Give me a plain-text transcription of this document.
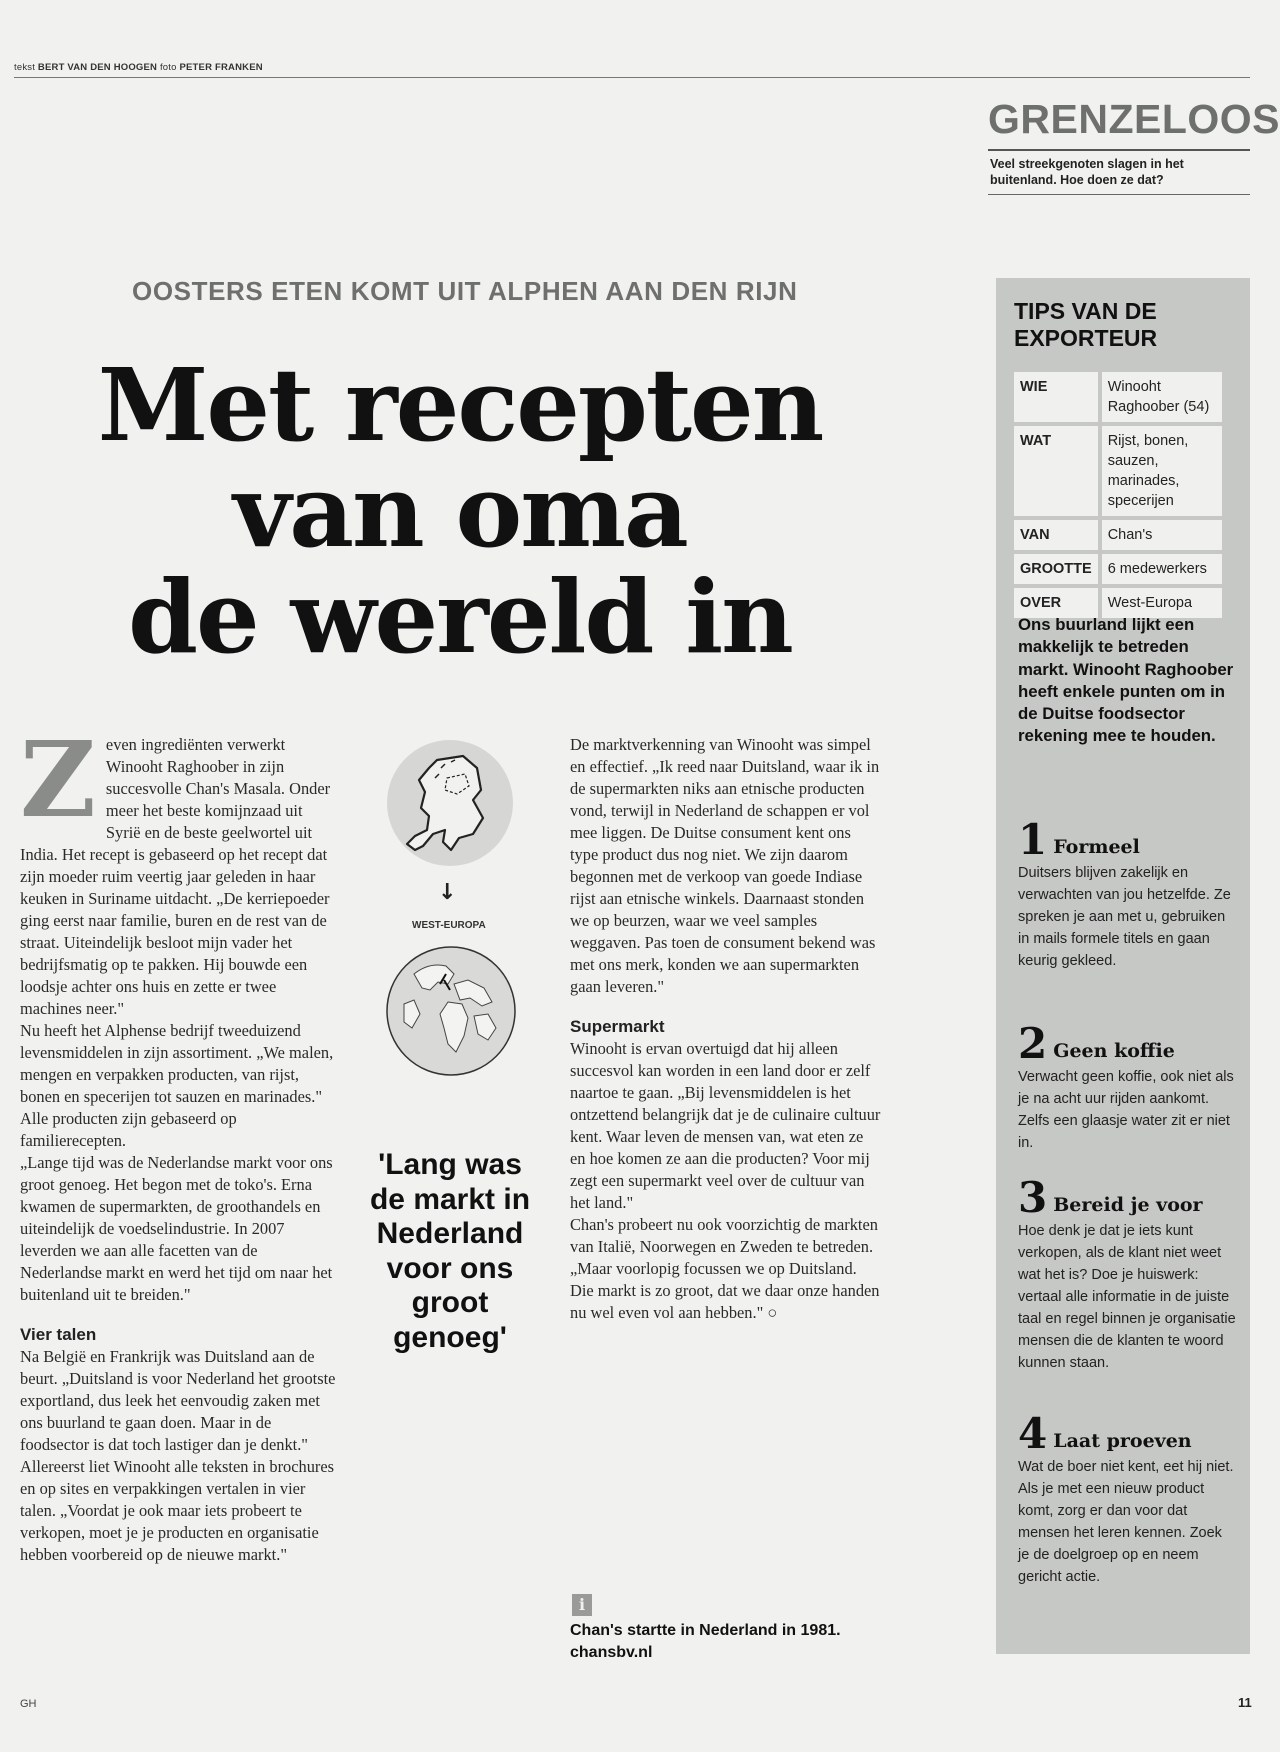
tekst BERT VAN DEN HOOGEN foto PETER FRANKEN
GRENZELOOS
Veel streekgenoten slagen in het buitenland. Hoe doen ze dat?
OOSTERS ETEN KOMT UIT ALPHEN AAN DEN RIJN
Met recepten
van oma
de wereld in
Z even ingrediënten verwerkt Winooht Raghoober in zijn succesvolle Chan's Masala. Onder meer het beste komijnzaad uit Syrië en de beste geelwortel uit India. Het recept is gebaseerd op het recept dat zijn moeder ruim veertig jaar geleden in haar keuken in Suriname uitdacht. „De kerriepoeder ging eerst naar familie, buren en de rest van de straat. Uiteindelijk besloot mijn vader het bedrijfsmatig op te pakken. Hij bouwde een loodsje achter ons huis en zette er twee machines neer."

Nu heeft het Alphense bedrijf tweeduizend levensmiddelen in zijn assortiment. „We malen, mengen en verpakken producten, van rijst, bonen en specerijen tot sauzen en marinades." Alle producten zijn gebaseerd op familierecepten.

„Lange tijd was de Nederlandse markt voor ons groot genoeg. Het begon met de toko's. Erna kwamen de supermarkten, de groothandels en uiteindelijk de voedselindustrie. In 2007 leverden we aan alle facetten van de Nederlandse markt en werd het tijd om naar het buitenland uit te breiden."

Vier talen

Na België en Frankrijk was Duitsland aan de beurt. „Duitsland is voor Nederland het grootste exportland, dus leek het eenvoudig zaken met ons buurland te gaan doen. Maar in de foodsector is dat toch lastiger dan je denkt."

Allereerst liet Winooht alle teksten in brochures en op sites en verpakkingen vertalen in vier talen. „Voordat je ook maar iets probeert te verkopen, moet je je producten en organisatie hebben voorbereid op de nieuwe markt."

↓
WEST-EUROPA
'Lang was de markt in Nederland voor ons groot genoeg'

De marktverkenning van Winooht was simpel en effectief. „Ik reed naar Duitsland, waar ik in de supermarkten niks aan etnische producten vond, terwijl in Nederland de schappen er vol mee liggen. De Duitse consument kent ons type product dus nog niet. We zijn daarom begonnen met de verkoop van goede Indiase rijst aan etnische winkels. Daarnaast stonden we op beurzen, waar we veel samples weggaven. Pas toen de consument bekend was met ons merk, konden we aan supermarkten gaan leveren."

Supermarkt

Winooht is ervan overtuigd dat hij alleen succesvol kan worden in een land door er zelf naartoe te gaan. „Bij levensmiddelen is het ontzettend belangrijk dat je de culinaire cultuur kent. Waar leven de mensen van, wat eten ze en hoe komen ze aan die producten? Voor mij zegt een supermarkt veel over de cultuur van het land."

Chan's probeert nu ook voorzichtig de markten van Italië, Noorwegen en Zweden te betreden. „Maar voorlopig focussen we op Duitsland. Die markt is zo groot, dat we daar onze handen nu wel even vol aan hebben." ○

i
Chan's startte in Nederland in 1981.
chansbv.nl
TIPS VAN DE EXPORTEUR
WIE	Winooht Raghoober (54)
WAT	Rijst, bonen, sauzen, marinades, specerijen
VAN	Chan's
GROOTTE	6 medewerkers
OVER	West-Europa
Ons buurland lijkt een makkelijk te betreden markt. Winooht Raghoober heeft enkele punten om in de Duitse foodsector rekening mee te houden.
1 Formeel
Duitsers blijven zakelijk en verwachten van jou hetzelfde. Ze spreken je aan met u, gebruiken in mails formele titels en gaan keurig gekleed.
2 Geen koffie
Verwacht geen koffie, ook niet als je na acht uur rijden aankomt. Zelfs een glaasje water zit er niet in.
3 Bereid je voor
Hoe denk je dat je iets kunt verkopen, als de klant niet weet wat het is? Doe je huiswerk: vertaal alle informatie in de juiste taal en regel binnen je organisatie mensen die de klanten te woord kunnen staan.
4 Laat proeven
Wat de boer niet kent, eet hij niet. Als je met een nieuw product komt, zorg er dan voor dat mensen het leren kennen. Zoek je de doelgroep op en neem gericht actie.
GH	11
